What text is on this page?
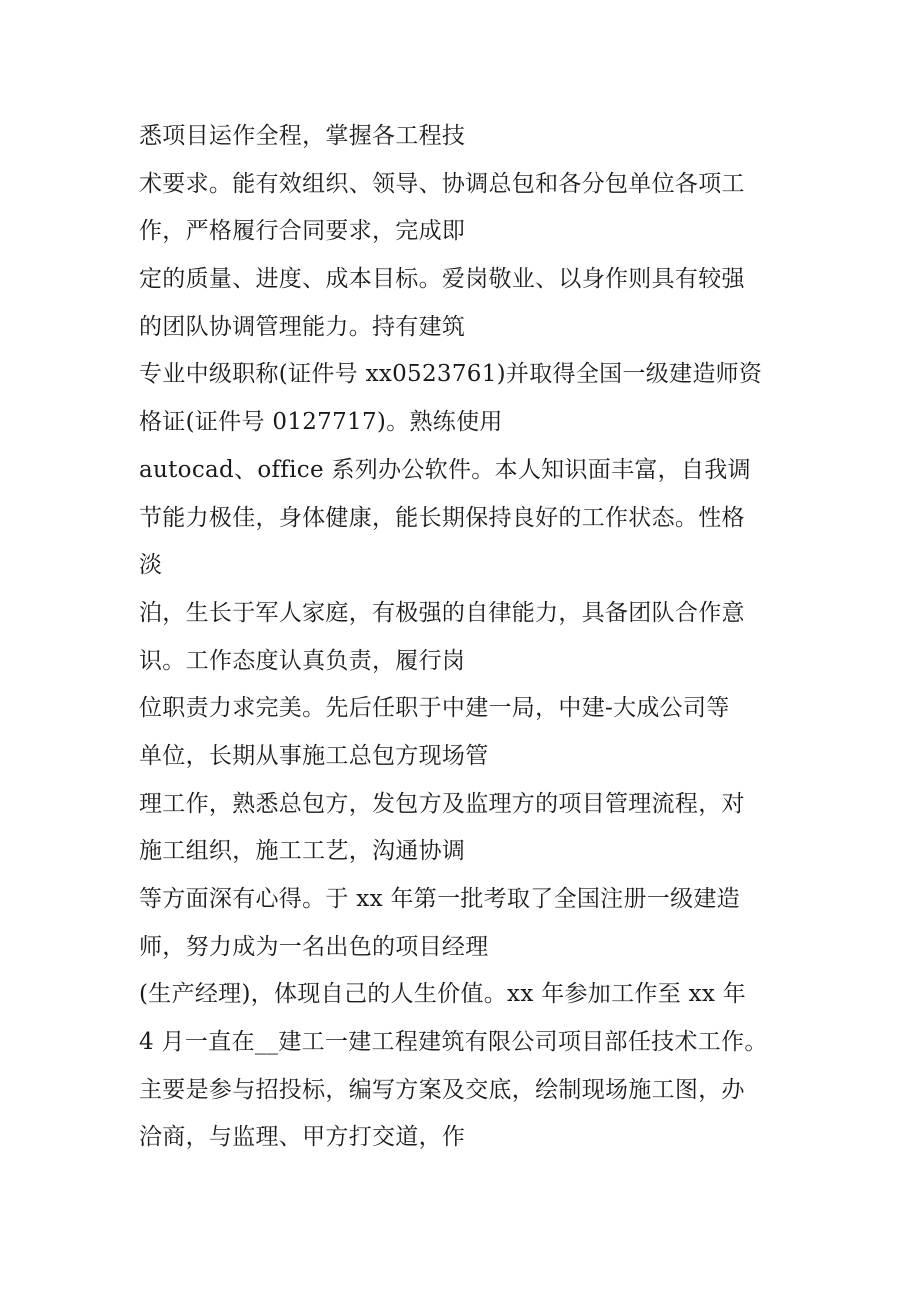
悉项目运作全程，掌握各工程技
术要求。能有效组织、领导、协调总包和各分包单位各项工
作，严格履行合同要求，完成即
定的质量、进度、成本目标。爱岗敬业、以身作则具有较强
的团队协调管理能力。持有建筑
专业中级职称(证件号 xx0523761)并取得全国一级建造师资
格证(证件号 0127717)。熟练使用
autocad、office 系列办公软件。本人知识面丰富，自我调
节能力极佳，身体健康，能长期保持良好的工作状态。性格
淡
泊，生长于军人家庭，有极强的自律能力，具备团队合作意
识。工作态度认真负责，履行岗
位职责力求完美。先后任职于中建一局，中建-大成公司等
单位，长期从事施工总包方现场管
理工作，熟悉总包方，发包方及监理方的项目管理流程，对
施工组织，施工工艺，沟通协调
等方面深有心得。于 xx 年第一批考取了全国注册一级建造
师，努力成为一名出色的项目经理
(生产经理)，体现自己的人生价值。xx 年参加工作至 xx 年
4 月一直在__建工一建工程建筑有限公司项目部任技术工作。
主要是参与招投标，编写方案及交底，绘制现场施工图，办
洽商，与监理、甲方打交道，作
